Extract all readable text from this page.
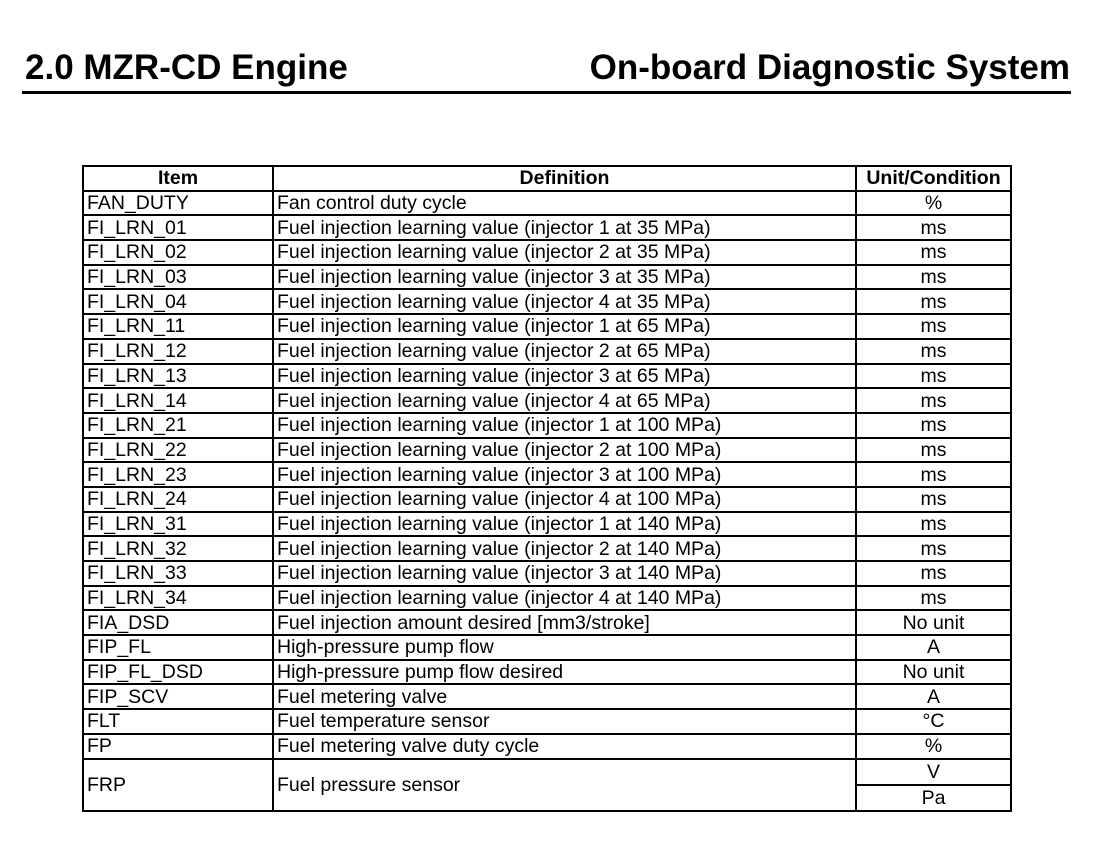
2.0 MZR-CD Engine	On-board Diagnostic System
Item	Definition	Unit/Condition
FAN_DUTY	Fan control duty cycle	%
FI_LRN_01	Fuel injection learning value (injector 1 at 35 MPa)	ms
FI_LRN_02	Fuel injection learning value (injector 2 at 35 MPa)	ms
FI_LRN_03	Fuel injection learning value (injector 3 at 35 MPa)	ms
FI_LRN_04	Fuel injection learning value (injector 4 at 35 MPa)	ms
FI_LRN_11	Fuel injection learning value (injector 1 at 65 MPa)	ms
FI_LRN_12	Fuel injection learning value (injector 2 at 65 MPa)	ms
FI_LRN_13	Fuel injection learning value (injector 3 at 65 MPa)	ms
FI_LRN_14	Fuel injection learning value (injector 4 at 65 MPa)	ms
FI_LRN_21	Fuel injection learning value (injector 1 at 100 MPa)	ms
FI_LRN_22	Fuel injection learning value (injector 2 at 100 MPa)	ms
FI_LRN_23	Fuel injection learning value (injector 3 at 100 MPa)	ms
FI_LRN_24	Fuel injection learning value (injector 4 at 100 MPa)	ms
FI_LRN_31	Fuel injection learning value (injector 1 at 140 MPa)	ms
FI_LRN_32	Fuel injection learning value (injector 2 at 140 MPa)	ms
FI_LRN_33	Fuel injection learning value (injector 3 at 140 MPa)	ms
FI_LRN_34	Fuel injection learning value (injector 4 at 140 MPa)	ms
FIA_DSD	Fuel injection amount desired [mm3/stroke]	No unit
FIP_FL	High-pressure pump flow	A
FIP_FL_DSD	High-pressure pump flow desired	No unit
FIP_SCV	Fuel metering valve	A
FLT	Fuel temperature sensor	°C
FP	Fuel metering valve duty cycle	%
FRP	Fuel pressure sensor	V
Pa
